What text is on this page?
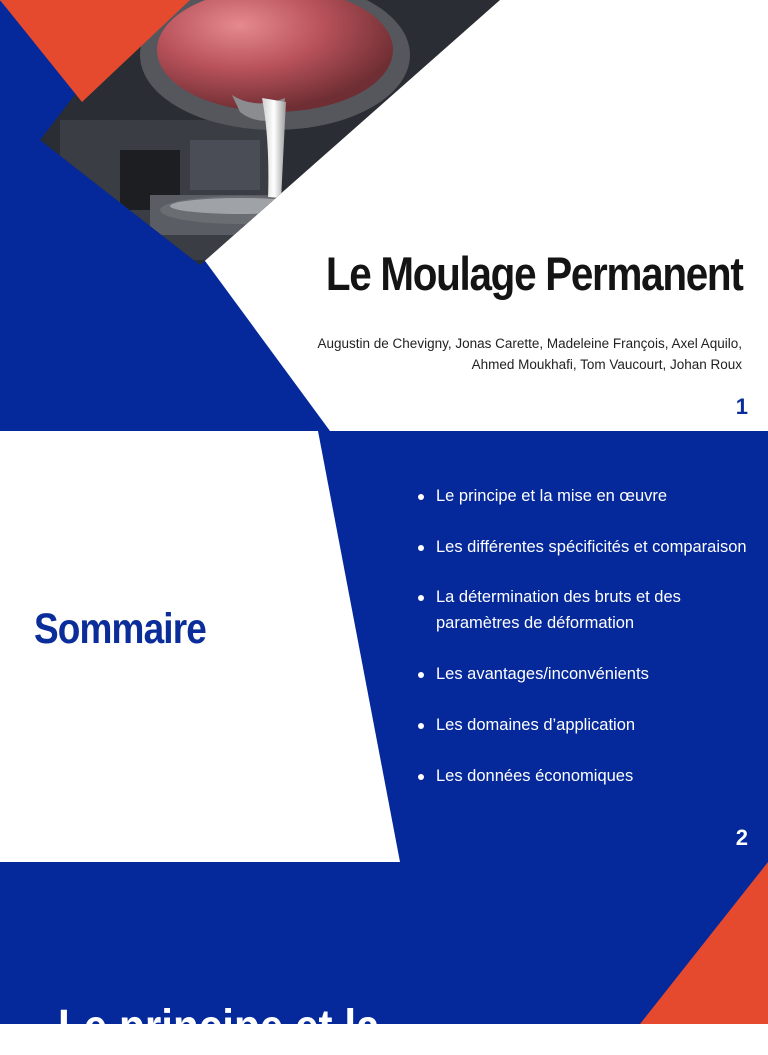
Le Moulage Permanent
Augustin de Chevigny, Jonas Carette, Madeleine François, Axel Aquilo, Ahmed Moukhafi, Tom Vaucourt, Johan Roux
1
Sommaire
Le principe et la mise en œuvre
Les différentes spécificités et comparaison
La détermination des bruts et des paramètres de déformation
Les avantages/inconvénients
Les domaines d’application
Les données économiques
2
Le principe et la
